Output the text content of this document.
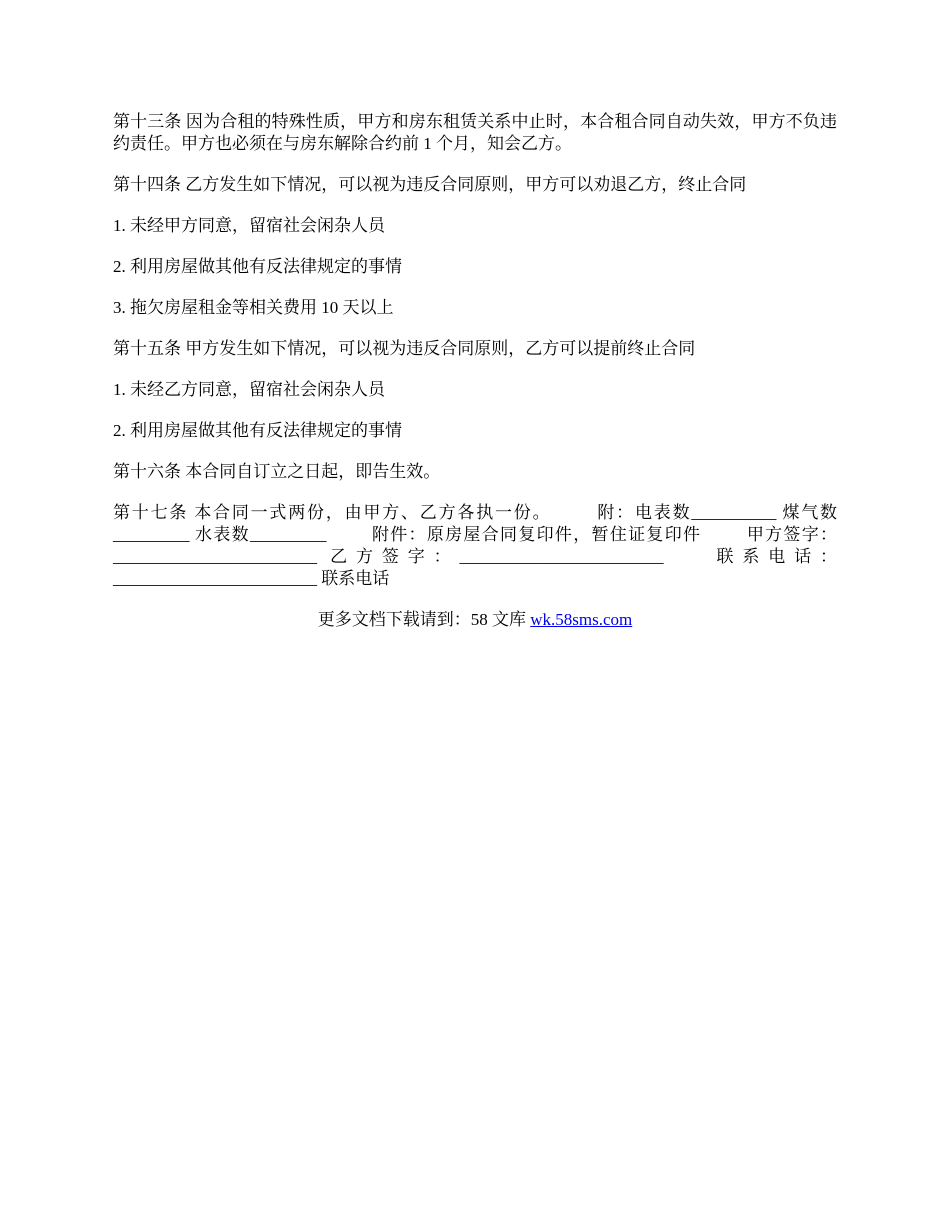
第十三条 因为合租的特殊性质，甲方和房东租赁关系中止时，本合租合同自动失效，甲方不负违约责任。甲方也必须在与房东解除合约前 1 个月，知会乙方。

第十四条 乙方发生如下情况，可以视为违反合同原则，甲方可以劝退乙方，终止合同

1. 未经甲方同意，留宿社会闲杂人员

2. 利用房屋做其他有反法律规定的事情

3. 拖欠房屋租金等相关费用 10 天以上

第十五条 甲方发生如下情况，可以视为违反合同原则，乙方可以提前终止合同

1. 未经乙方同意，留宿社会闲杂人员

2. 利用房屋做其他有反法律规定的事情

第十六条 本合同自订立之日起，即告生效。

第十七条 本合同一式两份，由甲方、乙方各执一份。	附：电表数__________ 煤气数_________ 水表数_________	附件：原房屋合同复印件，暂住证复印件	甲方签字：________________________ 乙方签字：________________________	联系电话：________________________ 联系电话

更多文档下载请到：58 文库 wk.58sms.com
